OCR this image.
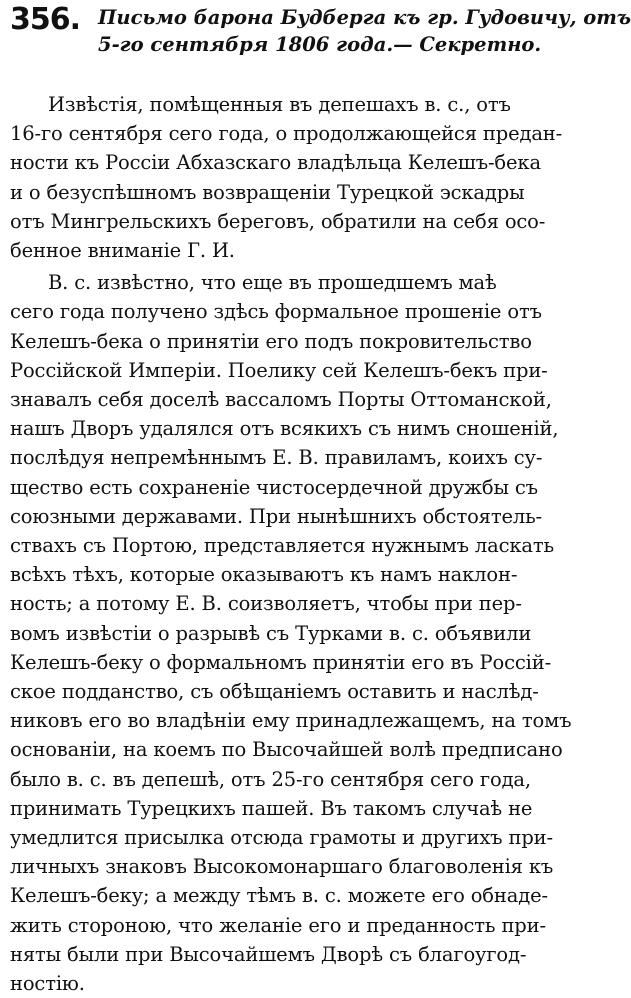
356. Письмо барона Будберга къ гр. Гудовичу, отъ
5-го сентября 1806 года.— Секретно.

Извѣстія, помѣщенныя въ депешахъ в. с., отъ
16-го сентября сего года, о продолжающейся предан-
ности къ Россіи Абхазскаго владѣльца Келешъ-бека
и о безуспѣшномъ возвращеніи Турецкой эскадры
отъ Мингрельскихъ береговъ, обратили на себя осо-
бенное вниманіе Г. И.

В. с. извѣстно, что еще въ прошедшемъ маѣ
сего года получено здѣсь формальное прошеніе отъ
Келешъ-бека о принятіи его подъ покровительство
Россійской Имперіи. Поелику сей Келешъ-бекъ при-
знавалъ себя доселѣ вассаломъ Порты Оттоманской,
нашъ Дворъ удалялся отъ всякихъ съ нимъ сношеній,
послѣдуя непремѣннымъ Е. В. правиламъ, коихъ су-
щество есть сохраненіе чистосердечной дружбы съ
союзными державами. При нынѣшнихъ обстоятель-
ствахъ съ Портою, представляется нужнымъ ласкать
всѣхъ тѣхъ, которые оказываютъ къ намъ наклон-
ность; а потому Е. В. соизволяетъ, чтобы при пер-
вомъ извѣстіи о разрывѣ съ Турками в. с. объявили
Келешъ-беку о формальномъ принятіи его въ Россій-
ское подданство, съ обѣщаніемъ оставить и наслѣд-
никовъ его во владѣніи ему принадлежащемъ, на томъ
основаніи, на коемъ по Высочайшей волѣ предписано
было в. с. въ депешѣ, отъ 25-го сентября сего года,
принимать Турецкихъ пашей. Въ такомъ случаѣ не
умедлится присылка отсюда грамоты и другихъ при-
личныхъ знаковъ Высокомонаршаго благоволенія къ
Келешъ-беку; а между тѣмъ в. с. можете его обнаде-
жить стороною, что желаніе его и преданность при-
няты были при Высочайшемъ Дворѣ съ благоугод-
ностію.
